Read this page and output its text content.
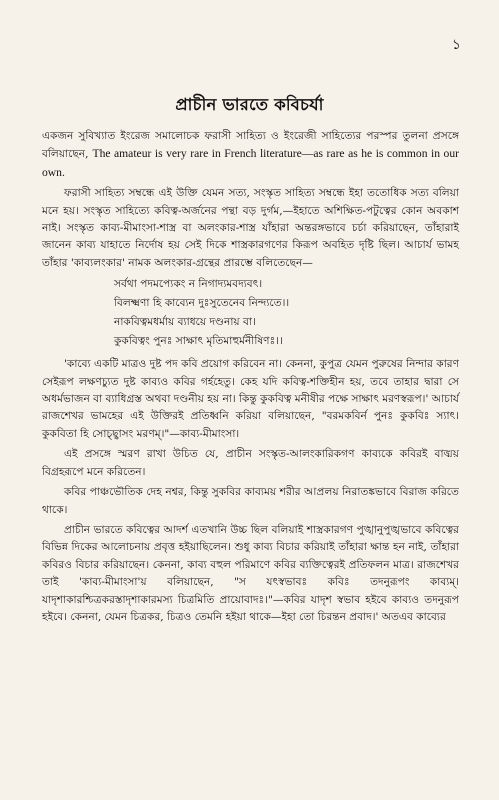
১
প্রাচীন ভারতে কবিচর্যা

একজন সুবিখ্যাত ইংরেজ সমালোচক ফরাসী সাহিত্য ও ইংরেজী সাহিত্যের পরস্পর তুলনা প্রসঙ্গে বলিয়াছেন, The amateur is very rare in French literature—as rare as he is common in our own.

ফরাসী সাহিত্য সম্বন্ধে এই উক্তি যেমন সত্য, সংস্কৃত সাহিত্য সম্বন্ধে ইহা ততোধিক সত্য বলিয়া মনে হয়। সংস্কৃত সাহিত্যে কবিত্ব-অর্জনের পন্থা বড় দুর্গম,—ইহাতে অশিক্ষিত-পটুত্বের কোন অবকাশ নাই। সংস্কৃত কাব্য-মীমাংসা-শাস্ত্র বা অলংকার-শাস্ত্র যাঁহারা অন্তরঙ্গভাবে চর্চা করিয়াছেন, তাঁহারাই জানেন কাব্য যাহাতে নির্দোষ হয় সেই দিকে শাস্ত্রকারগণের কিরূপ অবহিত দৃষ্টি ছিল। আচার্য ভামহ তাঁহার 'কাব্যলংকার' নামক অলংকার-গ্রন্থের প্রারম্ভে বলিতেছেন—

সর্বথা পদমপ্যেকং ন নিগাদ্যমবদ্যবৎ।
বিলক্ষ্মণা হি কাব্যেন দুঃসুতেনেব নিন্দ্যতে।।
নাকবিত্বমধর্মায় ব্যাধয়ে দণ্ডনায় বা।
কুকবিত্বং পুনঃ সাক্ষাৎ মৃতিমাহুর্মনীষিণঃ।।

'কাব্যে একটি মাত্রও দুষ্ট পদ কবি প্রয়োগ করিবেন না। কেননা, কুপুত্র যেমন পুরুষের নিন্দার কারণ সেইরূপ লক্ষণচ্যুত দুষ্ট কাব্যও কবির গর্হহেতু। কেহ যদি কবিত্ব-শক্তিহীন হয়, তবে তাহার দ্বারা সে অধর্মভাজন বা ব্যাধিগ্রস্ত অথবা দণ্ডনীয় হয় না। কিন্তু কুকবিত্ব মনীষীর পক্ষে সাক্ষাৎ মরণস্বরূপ।' আচার্য রাজশেখর ভামহের এই উক্তিরই প্রতিধ্বনি করিয়া বলিয়াছেন, "বরমকবির্ন পুনঃ কুকবিঃ স্যাৎ। কুকবিতা হি সোচ্ছ্বাসং মরণম্।"—কাব্য-মীমাংসা।

এই প্রসঙ্গে স্মরণ রাখা উচিত যে, প্রাচীন সংস্কৃত-আলংকারিকগণ কাব্যকে কবিরই বাঙ্ময় বিগ্রহরূপে মনে করিতেন।

কবির পাঞ্চভৌতিক দেহ নশ্বর, কিন্তু সুকবির কাব্যময় শরীর আপ্রলয় নিরাতঙ্কভাবে বিরাজ করিতে থাকে।

প্রাচীন ভারতে কবিত্বের আদর্শ এতখানি উচ্চ ছিল বলিয়াই শাস্ত্রকারগণ পুঙ্খানুপুঙ্খভাবে কবিত্বের বিভিন্ন দিকের আলোচনায় প্রবৃত্ত হইয়াছিলেন। শুধু কাব্য বিচার করিয়াই তাঁহারা ক্ষান্ত হন নাই, তাঁহারা কবিরও বিচার করিয়াছেন। কেননা, কাব্য বহুল পরিমাণে কবির ব্যক্তিত্বেরই প্রতিফলন মাত্র। রাজশেখর তাই 'কাব্য-মীমাংসা'য় বলিয়াছেন, "স যৎস্বভাবঃ কবিঃ তদনুরূপং কাব্যম্। যাদৃশাকারশ্চিত্রকরস্তাদৃশাকারমস্য চিত্রমিতি প্রায়োবাদঃ।"—কবির যাদৃশ স্বভাব হইবে কাব্যও তদনুরূপ হইবে। কেননা, যেমন চিত্রকর, চিত্রও তেমনি হইয়া থাকে—ইহা তো চিরন্তন প্রবাদ।' অতএব কাব্যের
